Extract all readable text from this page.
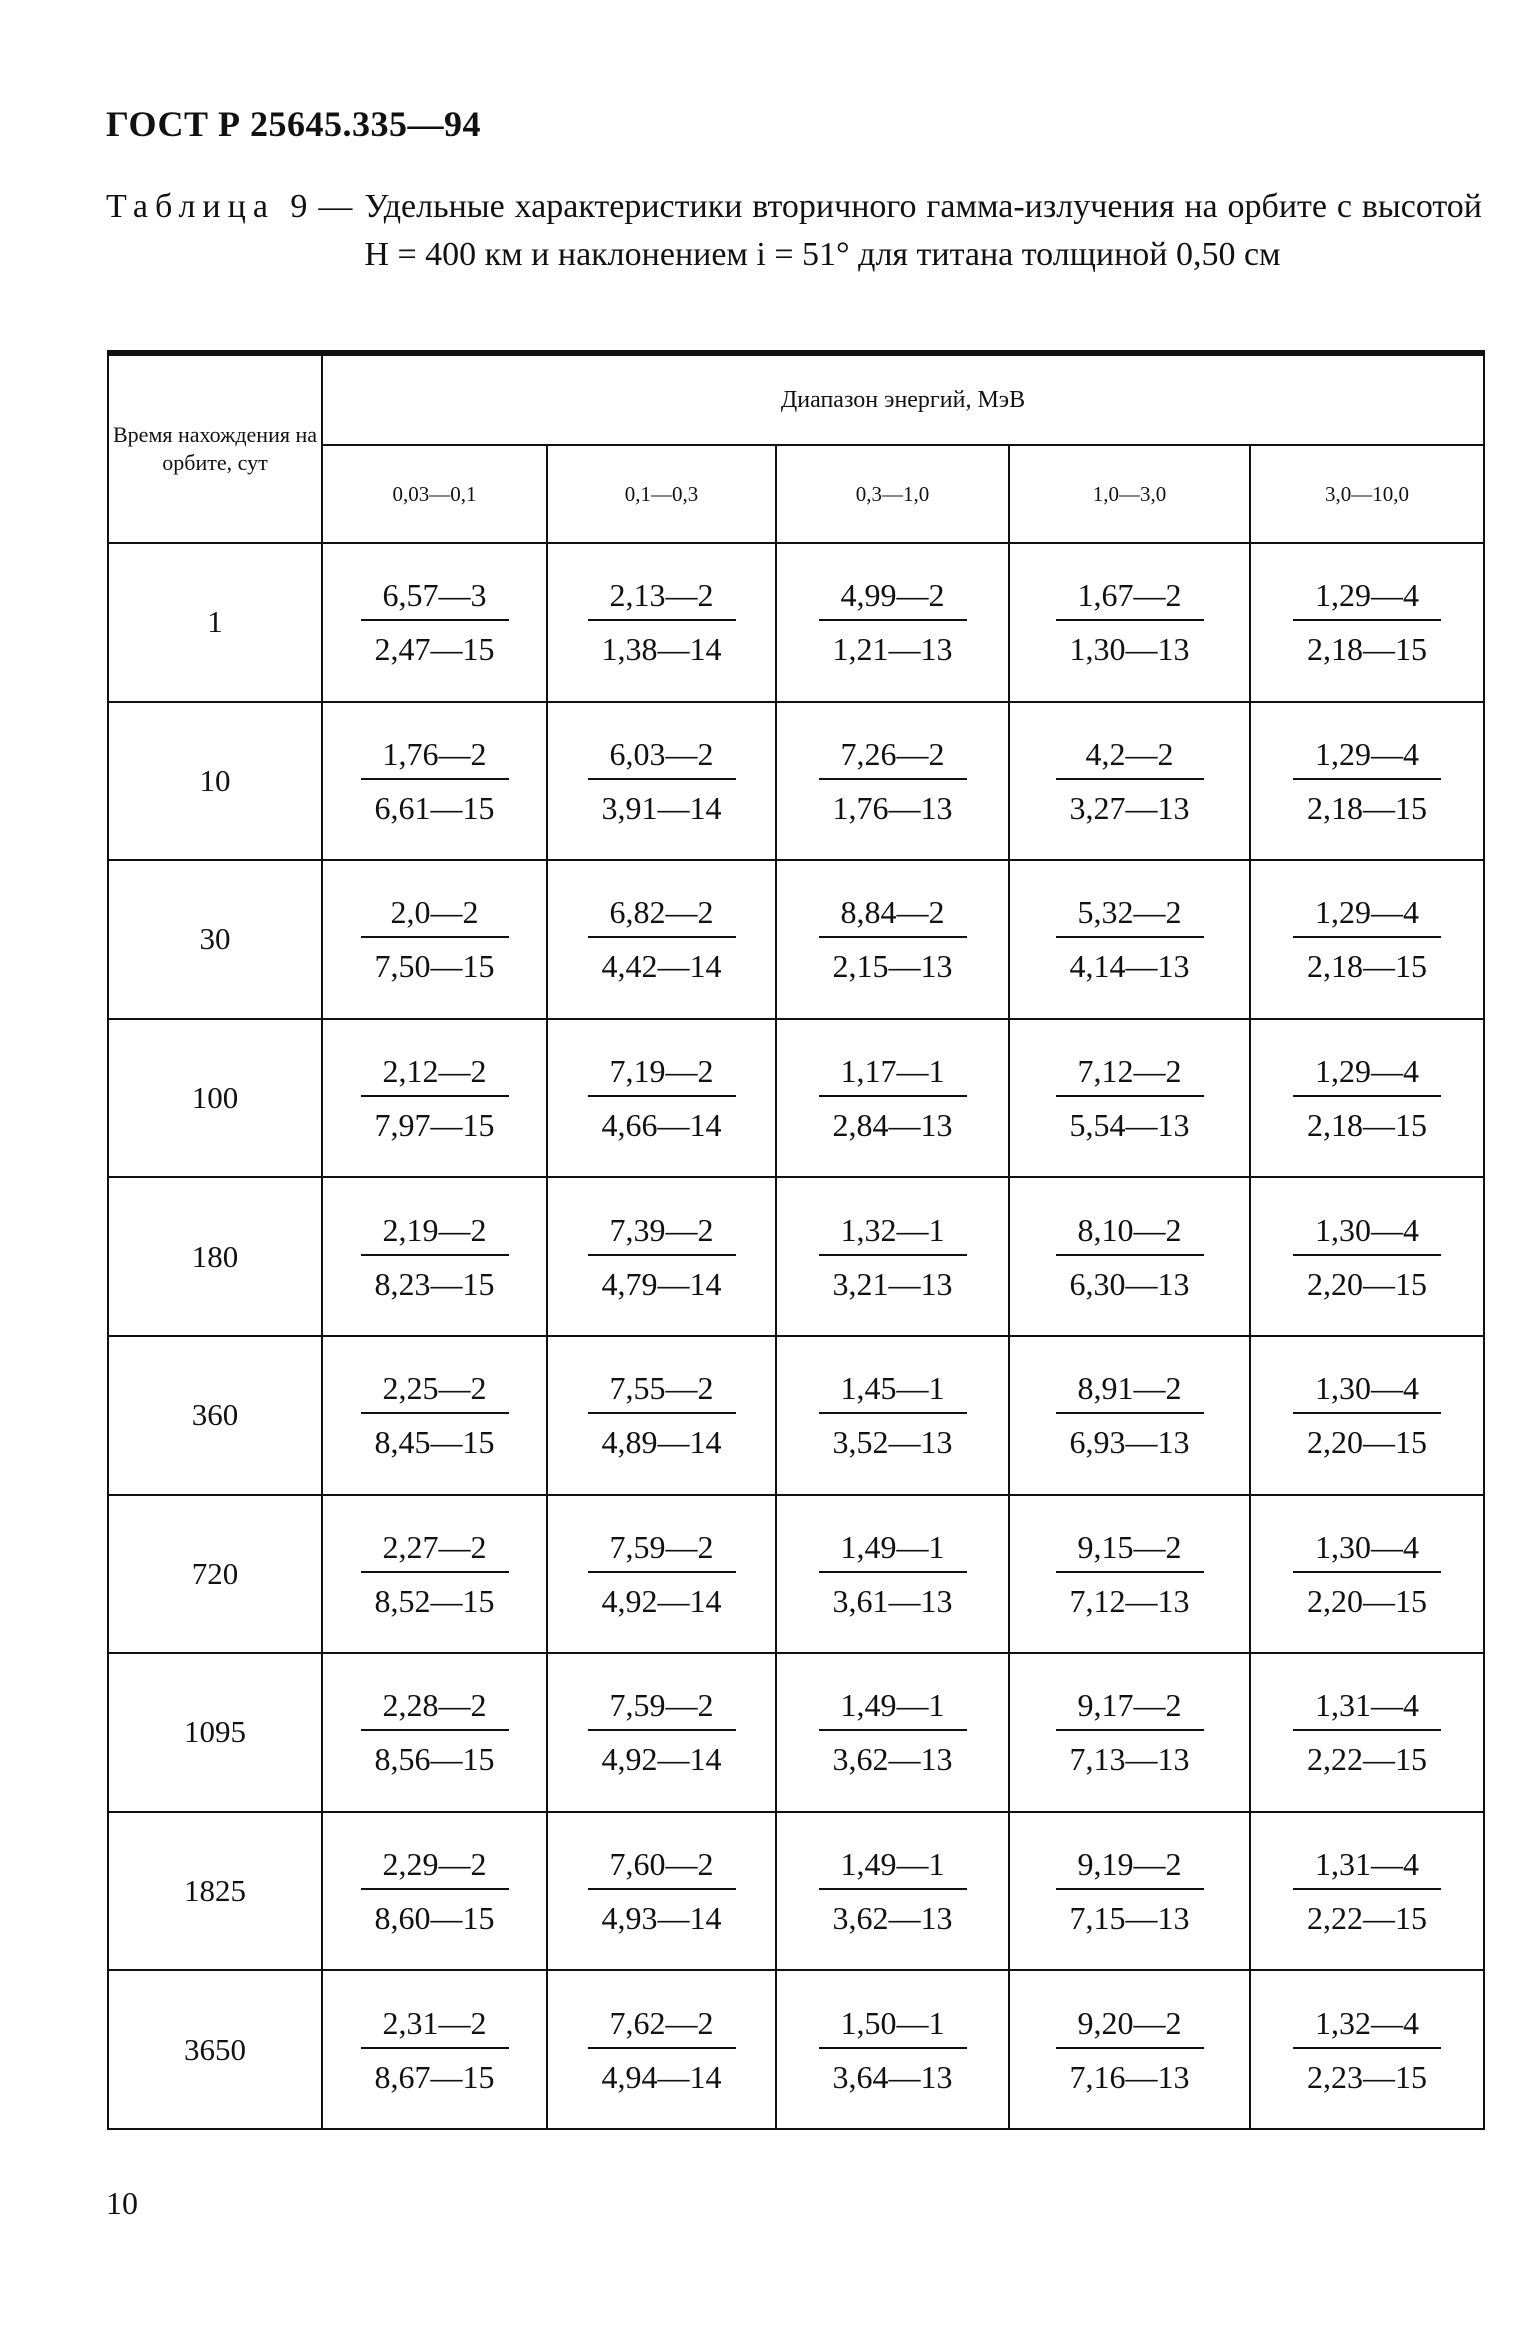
ГОСТ Р 25645.335—94
Таблица 9 — Удельные характеристики вторичного гамма-излучения на орбите с высотой H = 400 км и наклонением i = 51° для титана толщиной 0,50 см
Время нахождения на орбите, сут	Диапазон энергий, МэВ				
	0,03—0,1	0,1—0,3	0,3—1,0	1,0—3,0	3,0—10,0
1	$\frac{6,57—3}{2,47—15}$	$\frac{2,13—2}{1,38—14}$	$\frac{4,99—2}{1,21—13}$	$\frac{1,67—2}{1,30—13}$	$\frac{1,29—4}{2,18—15}$

10	$\frac{1,76—2}{6,61—15}$	$\frac{6,03—2}{3,91—14}$	$\frac{7,26—2}{1,76—13}$	$\frac{4,2—2}{3,27—13}$	$\frac{1,29—4}{2,18—15}$

30	$\frac{2,0—2}{7,50—15}$	$\frac{6,82—2}{4,42—14}$	$\frac{8,84—2}{2,15—13}$	$\frac{5,32—2}{4,14—13}$	$\frac{1,29—4}{2,18—15}$

100	$\frac{2,12—2}{7,97—15}$	$\frac{7,19—2}{4,66—14}$	$\frac{1,17—1}{2,84—13}$	$\frac{7,12—2}{5,54—13}$	$\frac{1,29—4}{2,18—15}$

180	$\frac{2,19—2}{8,23—15}$	$\frac{7,39—2}{4,79—14}$	$\frac{1,32—1}{3,21—13}$	$\frac{8,10—2}{6,30—13}$	$\frac{1,30—4}{2,20—15}$

360	$\frac{2,25—2}{8,45—15}$	$\frac{7,55—2}{4,89—14}$	$\frac{1,45—1}{3,52—13}$	$\frac{8,91—2}{6,93—13}$	$\frac{1,30—4}{2,20—15}$

720	$\frac{2,27—2}{8,52—15}$	$\frac{7,59—2}{4,92—14}$	$\frac{1,49—1}{3,61—13}$	$\frac{9,15—2}{7,12—13}$	$\frac{1,30—4}{2,20—15}$

1095	$\frac{2,28—2}{8,56—15}$	$\frac{7,59—2}{4,92—14}$	$\frac{1,49—1}{3,62—13}$	$\frac{9,17—2}{7,13—13}$	$\frac{1,31—4}{2,22—15}$

1825	$\frac{2,29—2}{8,60—15}$	$\frac{7,60—2}{4,93—14}$	$\frac{1,49—1}{3,62—13}$	$\frac{9,19—2}{7,15—13}$	$\frac{1,31—4}{2,22—15}$

3650	$\frac{2,31—2}{8,67—15}$	$\frac{7,62—2}{4,94—14}$	$\frac{1,50—1}{3,64—13}$	$\frac{9,20—2}{7,16—13}$	$\frac{1,32—4}{2,23—15}$
10
